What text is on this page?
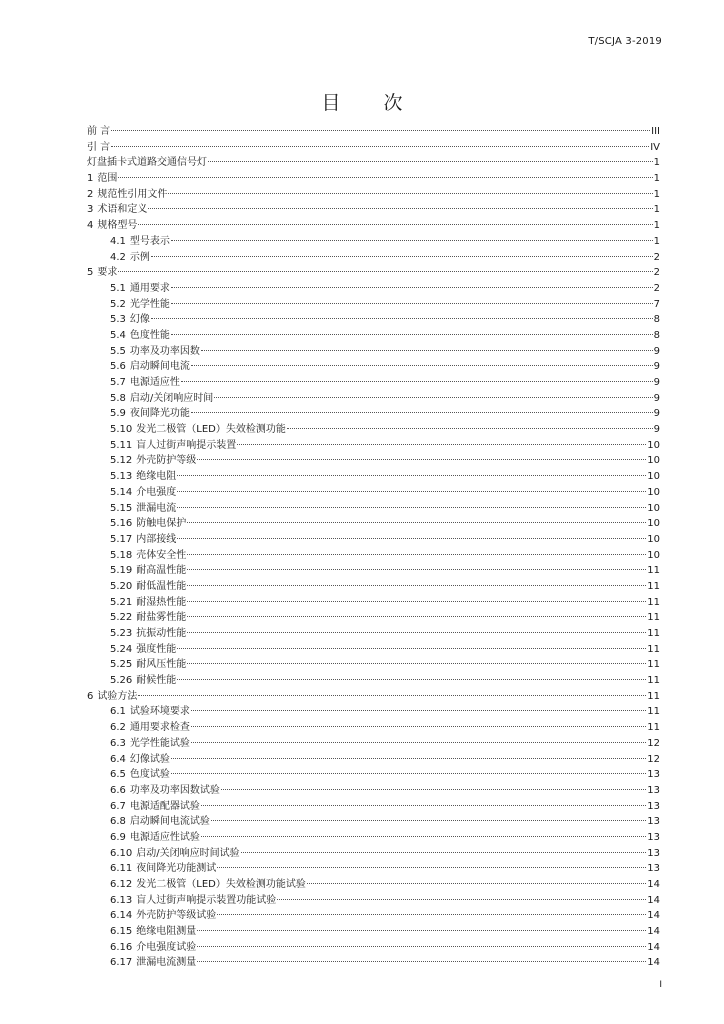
T/SCJA 3-2019
目　次
前 言	III
引 言	IV
灯盘插卡式道路交通信号灯	1
1 范围	1
2 规范性引用文件	1
3 术语和定义	1
4 规格型号	1
4.1 型号表示	1
4.2 示例	2
5 要求	2
5.1 通用要求	2
5.2 光学性能	7
5.3 幻像	8
5.4 色度性能	8
5.5 功率及功率因数	9
5.6 启动瞬间电流	9
5.7 电源适应性	9
5.8 启动/关闭响应时间	9
5.9 夜间降光功能	9
5.10 发光二极管（LED）失效检测功能	9
5.11 盲人过街声响提示装置	10
5.12 外壳防护等级	10
5.13 绝缘电阻	10
5.14 介电强度	10
5.15 泄漏电流	10
5.16 防触电保护	10
5.17 内部接线	10
5.18 壳体安全性	10
5.19 耐高温性能	11
5.20 耐低温性能	11
5.21 耐湿热性能	11
5.22 耐盐雾性能	11
5.23 抗振动性能	11
5.24 强度性能	11
5.25 耐风压性能	11
5.26 耐候性能	11
6 试验方法	11
6.1 试验环境要求	11
6.2 通用要求检查	11
6.3 光学性能试验	12
6.4 幻像试验	12
6.5 色度试验	13
6.6 功率及功率因数试验	13
6.7 电源适配器试验	13
6.8 启动瞬间电流试验	13
6.9 电源适应性试验	13
6.10 启动/关闭响应时间试验	13
6.11 夜间降光功能测试	13
6.12 发光二极管（LED）失效检测功能试验	14
6.13 盲人过街声响提示装置功能试验	14
6.14 外壳防护等级试验	14
6.15 绝缘电阻测量	14
6.16 介电强度试验	14
6.17 泄漏电流测量	14
I
